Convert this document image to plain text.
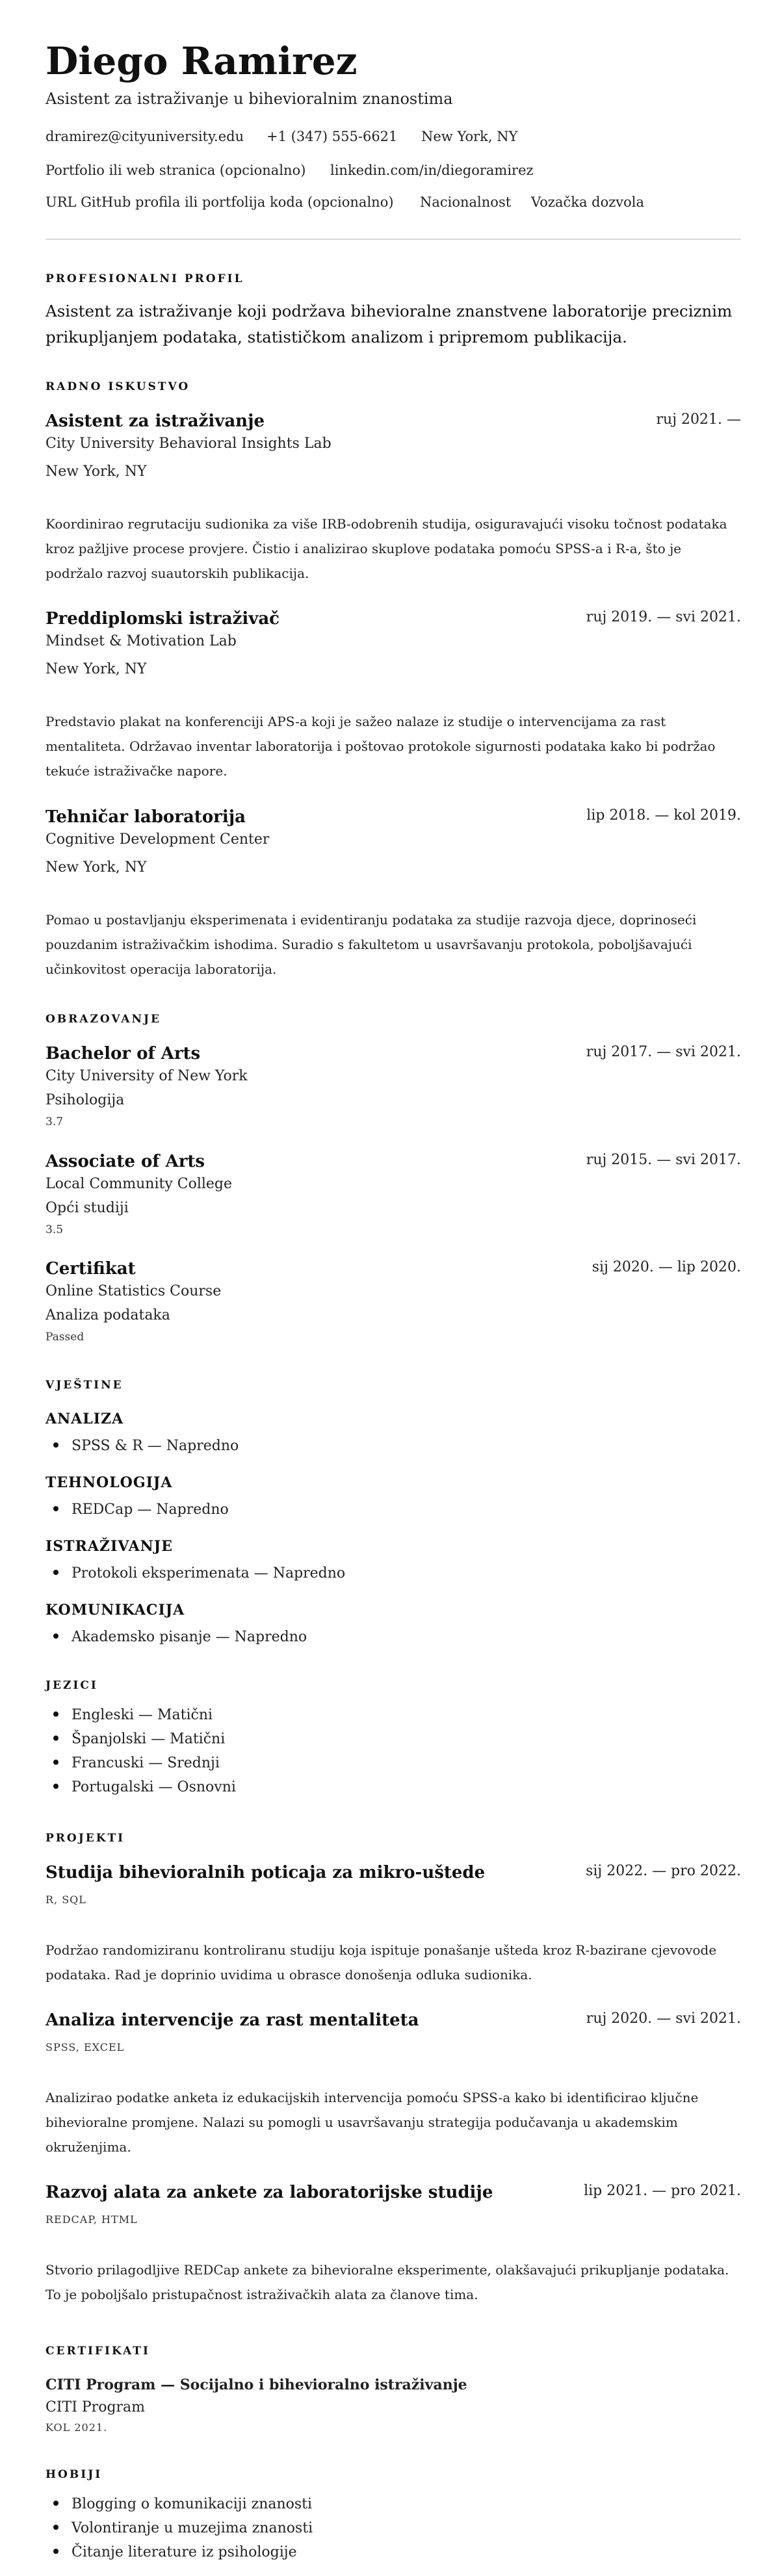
Diego Ramirez
Asistent za istraživanje u bihevioralnim znanostima
dramirez@cityuniversity.edu +1 (347) 555-6621 New York, NY
Portfolio ili web stranica (opcionalno) linkedin.com/in/diegoramirez
URL GitHub profila ili portfolija koda (opcionalno) Nacionalnost Vozačka dozvola
PROFESIONALNI PROFIL

Asistent za istraživanje koji podržava bihevioralne znanstvene laboratorije preciznim prikupljanjem podataka, statističkom analizom i pripremom publikacija.

RADNO ISKUSTVO
Asistent za istraživanje	ruj 2021. —
City University Behavioral Insights Lab
New York, NY

Koordinirao regrutaciju sudionika za više IRB-odobrenih studija, osiguravajući visoku točnost podataka kroz pažljive procese provjere. Čistio i analizirao skuplove podataka pomoću SPSS-a i R-a, što je podržalo razvoj suautorskih publikacija.

Preddiplomski istraživač	ruj 2019. — svi 2021.
Mindset & Motivation Lab
New York, NY

Predstavio plakat na konferenciji APS-a koji je sažeo nalaze iz studije o intervencijama za rast mentaliteta. Održavao inventar laboratorija i poštovao protokole sigurnosti podataka kako bi podržao tekuće istraživačke napore.

Tehničar laboratorija	lip 2018. — kol 2019.
Cognitive Development Center
New York, NY

Pomao u postavljanju eksperimenata i evidentiranju podataka za studije razvoja djece, doprinoseći pouzdanim istraživačkim ishodima. Suradio s fakultetom u usavršavanju protokola, poboljšavajući učinkovitost operacija laboratorija.

OBRAZOVANJE
Bachelor of Arts	ruj 2017. — svi 2021.
City University of New York
Psihologija
3.7
Associate of Arts	ruj 2015. — svi 2017.
Local Community College
Opći studiji
3.5
Certifikat	sij 2020. — lip 2020.
Online Statistics Course
Analiza podataka
Passed
VJEŠTINE
ANALIZA
SPSS & R — Napredno
TEHNOLOGIJA
REDCap — Napredno
ISTRAŽIVANJE
Protokoli eksperimenata — Napredno
KOMUNIKACIJA
Akademsko pisanje — Napredno
JEZICI
Engleski — Matični
Španjolski — Matični
Francuski — Srednji
Portugalski — Osnovni
PROJEKTI
Studija bihevioralnih poticaja za mikro-uštede	sij 2022. — pro 2022.
R, SQL

Podržao randomiziranu kontroliranu studiju koja ispituje ponašanje ušteda kroz R-bazirane cjevovode podataka. Rad je doprinio uvidima u obrasce donošenja odluka sudionika.

Analiza intervencije za rast mentaliteta	ruj 2020. — svi 2021.
SPSS, EXCEL

Analizirao podatke anketa iz edukacijskih intervencija pomoću SPSS-a kako bi identificirao ključne bihevioralne promjene. Nalazi su pomogli u usavršavanju strategija podučavanja u akademskim okruženjima.

Razvoj alata za ankete za laboratorijske studije	lip 2021. — pro 2021.
REDCAP, HTML

Stvorio prilagodljive REDCap ankete za bihevioralne eksperimente, olakšavajući prikupljanje podataka. To je poboljšalo pristupačnost istraživačkih alata za članove tima.

CERTIFIKATI
CITI Program — Socijalno i bihevioralno istraživanje
CITI Program
KOL 2021.
HOBIJI
Blogging o komunikaciji znanosti
Volontiranje u muzejima znanosti
Čitanje literature iz psihologije
